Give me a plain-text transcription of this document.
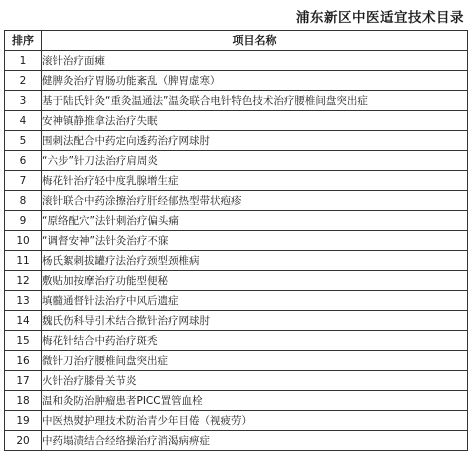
浦东新区中医适宜技术目录
排序	项目名称
1	滚针治疗面瘫
2	健脾灸治疗胃肠功能紊乱（脾胃虚寒）
3	基于陆氏针灸“重灸温通法”温灸联合电针特色技术治疗腰椎间盘突出症
4	安神镇静推拿法治疗失眠
5	围刺法配合中药定向透药治疗网球肘
6	“六步”针刀法治疗肩周炎
7	梅花针治疗轻中度乳腺增生症
8	滚针联合中药涂擦治疗肝经郁热型带状疱疹
9	“原络配穴”法针刺治疗偏头痛
10	“调督安神”法针灸治疗不寐
11	杨氏絮刺拔罐疗法治疗颈型颈椎病
12	敷贴加按摩治疗功能型便秘
13	填髓通督针法治疗中风后遗症
14	魏氏伤科导引术结合揿针治疗网球肘
15	梅花针结合中药治疗斑秃
16	微针刀治疗腰椎间盘突出症
17	火针治疗膝骨关节炎
18	温和灸防治肿瘤患者PICC置管血栓
19	中医热熨护理技术防治青少年目倦（视疲劳）
20	中药塌渍结合经络操治疗消渴病痹症
